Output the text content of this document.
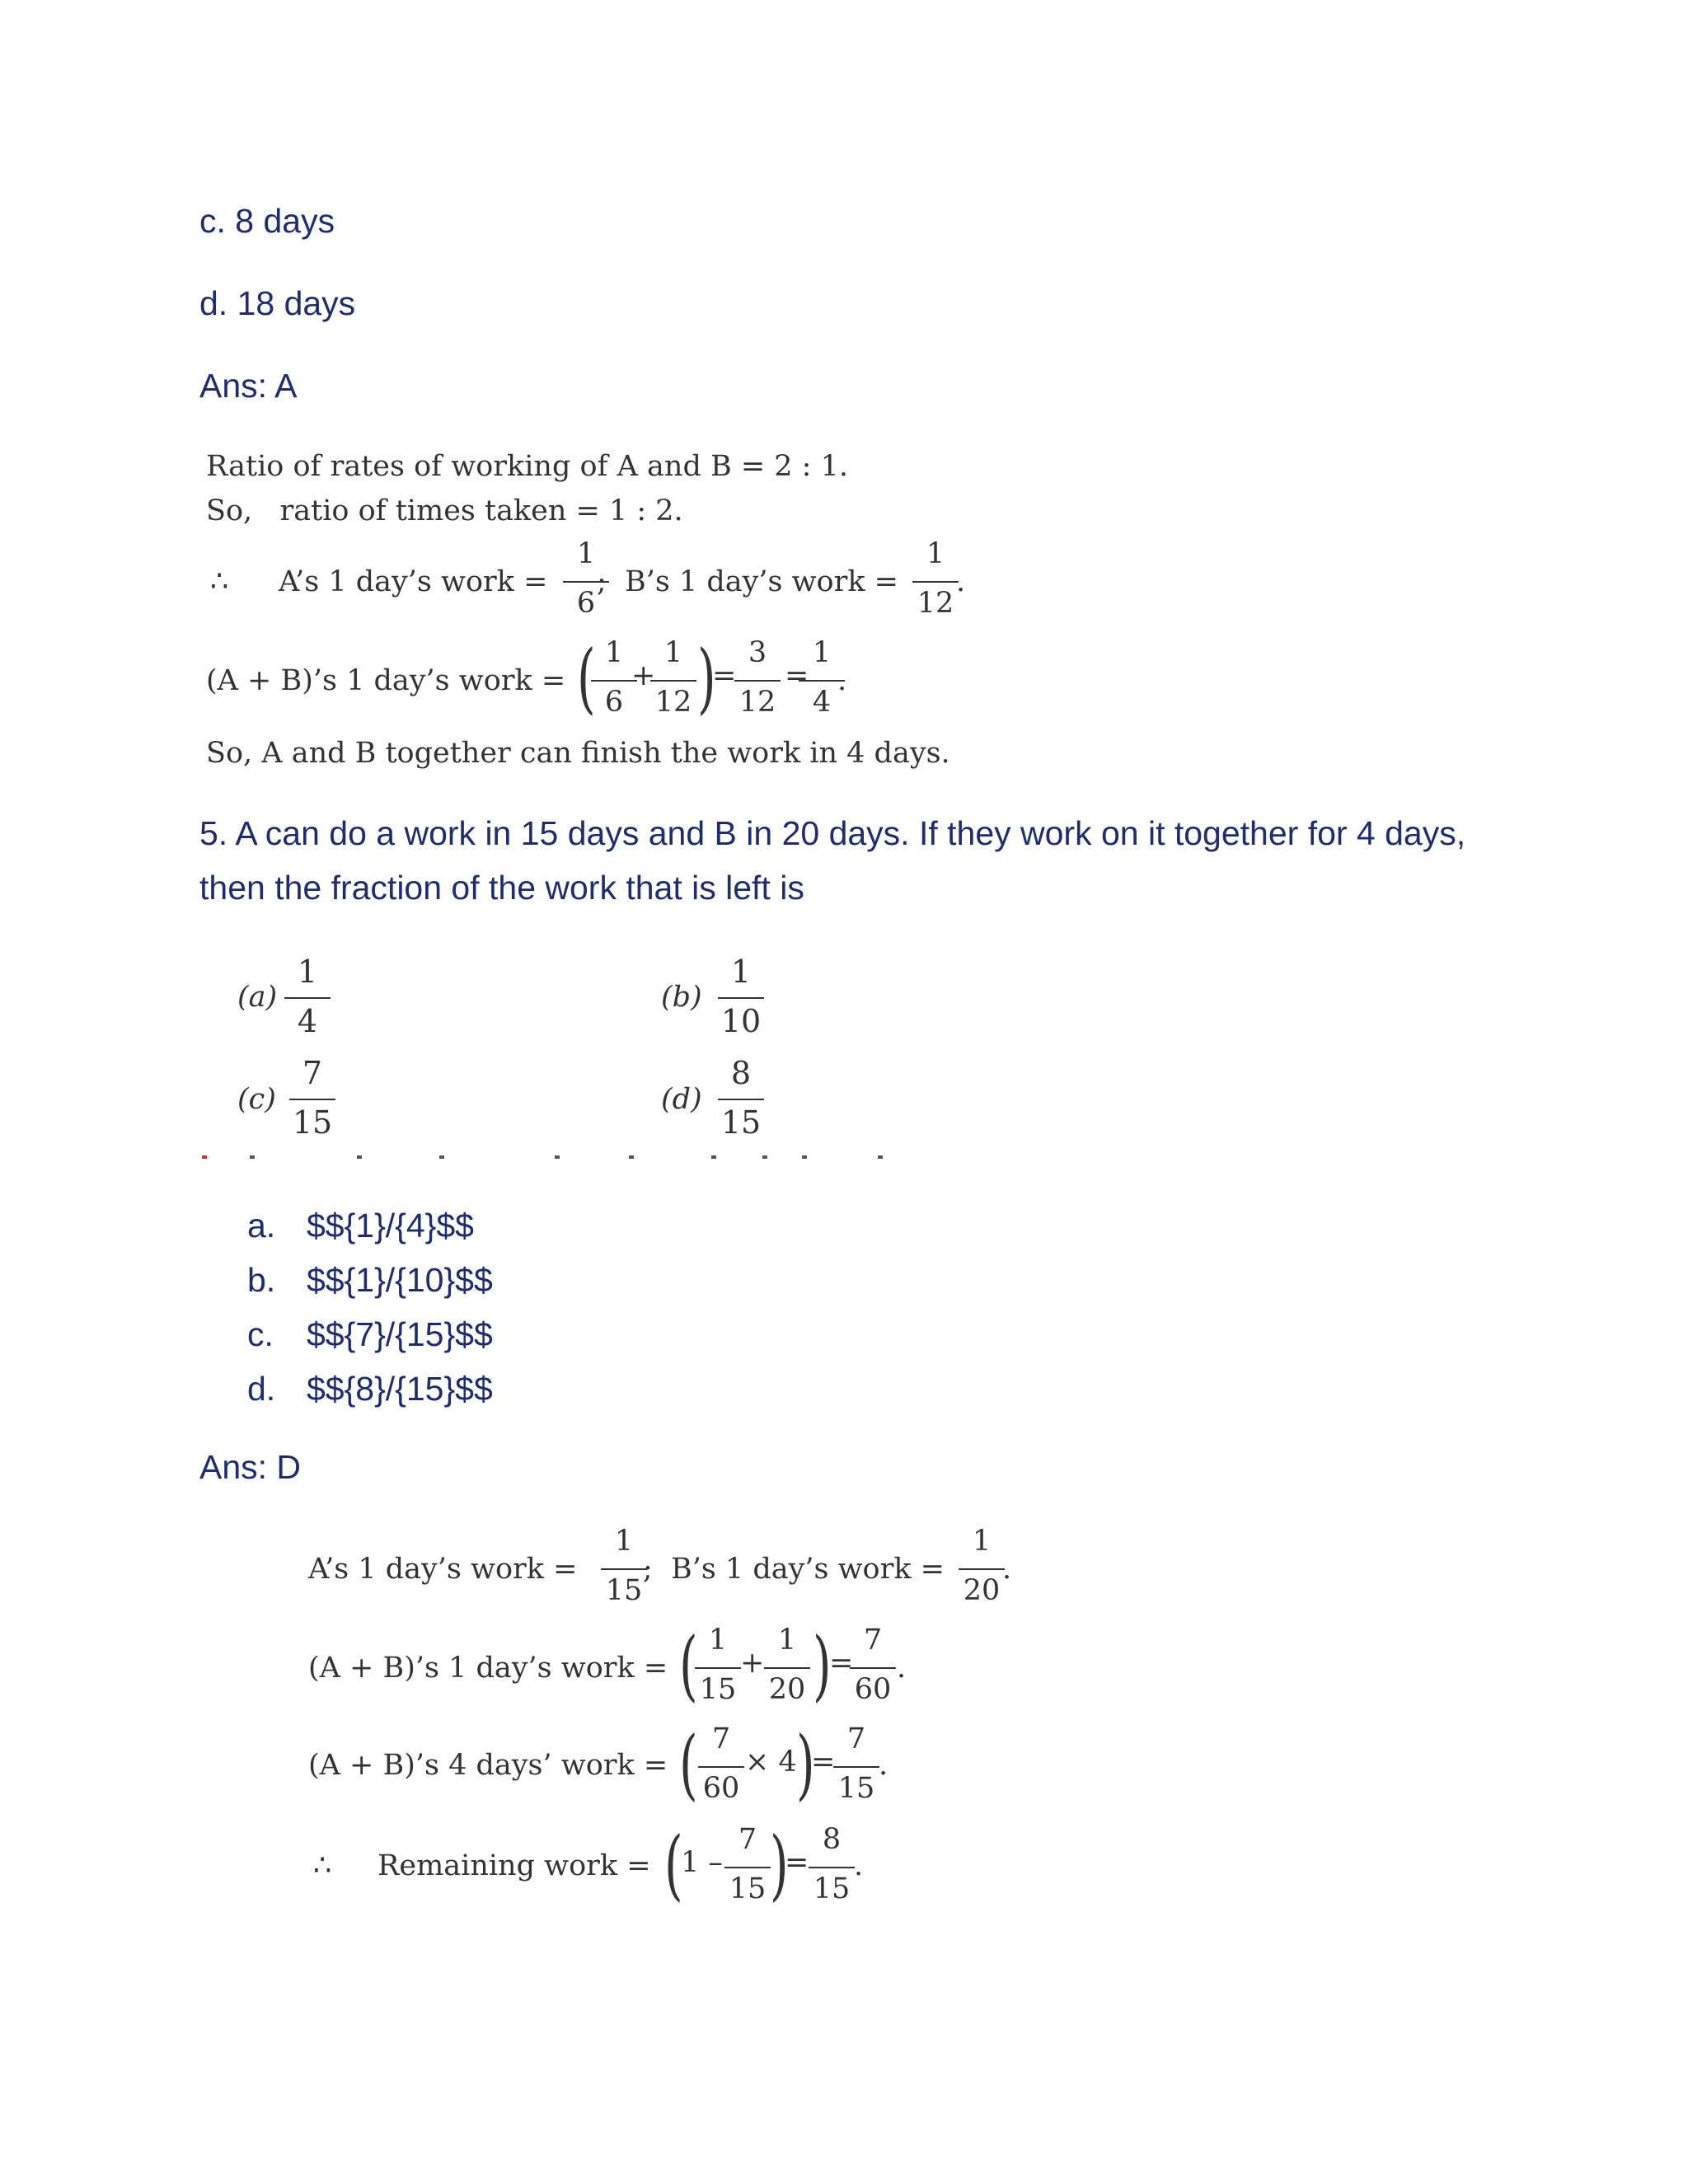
c. 8 days
d. 18 days
Ans: A
Ratio of rates of working of A and B = 2 : 1.
So,   ratio of times taken = 1 : 2.
∴ A’s 1 day’s work =
1
6
; B’s 1 day’s work =
1
12
.
(A + B)’s 1 day’s work = ( 1
6
+
1
12 )
=
3
12
=
1
4
.
So, A and B together can finish the work in 4 days.
5. A can do a work in 15 days and B in 20 days. If they work on it together for 4 days, then the fraction of the work that is left is
(a)
1
4
(b)
1
10
(c)
7
15
(d)
8
15
a. $${1}/{4}$$
b. $${1}/{10}$$
c. $${7}/{15}$$
d. $${8}/{15}$$
Ans: D
A’s 1 day’s work =
1
15
; B’s 1 day’s work =
1
20
.
(A + B)’s 1 day’s work = ( 1
15
+
1
20 )
=
7
60
.
(A + B)’s 4 days’ work = ( 7
60
× 4 )
=
7
15
.
∴ Remaining work = (
1 –
7
15 )
=
8
15
.
